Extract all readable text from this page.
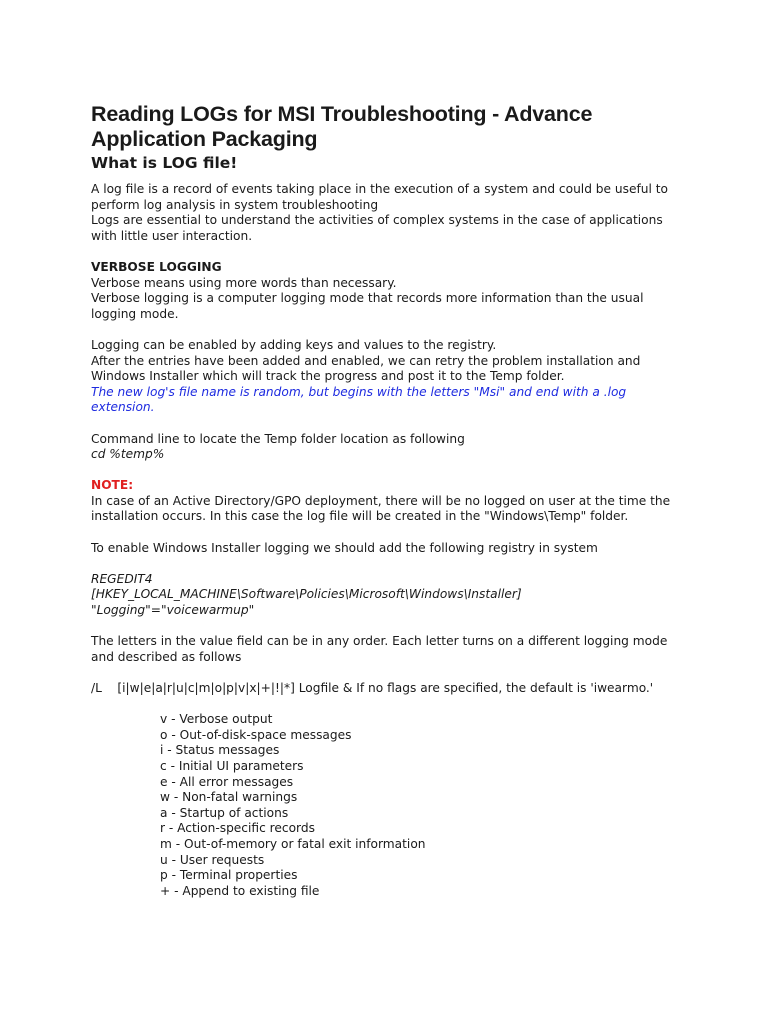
Reading LOGs for MSI Troubleshooting - Advance Application Packaging
What is LOG file!

A log file is a record of events taking place in the execution of a system and could be useful to perform log analysis in system troubleshooting

Logs are essential to understand the activities of complex systems in the case of applications with little user interaction.

VERBOSE LOGGING

Verbose means using more words than necessary.

Verbose logging is a computer logging mode that records more information than the usual logging mode.

Logging can be enabled by adding keys and values to the registry.

After the entries have been added and enabled, we can retry the problem installation and Windows Installer which will track the progress and post it to the Temp folder.

The new log's file name is random, but begins with the letters "Msi" and end with a .log extension.

Command line to locate the Temp folder location as following

cd %temp%

NOTE:

In case of an Active Directory/GPO deployment, there will be no logged on user at the time the installation occurs. In this case the log file will be created in the "Windows\Temp" folder.

To enable Windows Installer logging we should add the following registry in system

REGEDIT4

[HKEY_LOCAL_MACHINE\Software\Policies\Microsoft\Windows\Installer]

"Logging"="voicewarmup"

The letters in the value field can be in any order. Each letter turns on a different logging mode and described as follows

/L    [i|w|e|a|r|u|c|m|o|p|v|x|+|!|*] Logfile & If no flags are specified, the default is 'iwearmo.'

v - Verbose output
o - Out-of-disk-space messages
i - Status messages
c - Initial UI parameters
e - All error messages
w - Non-fatal warnings
a - Startup of actions
r - Action-specific records
m - Out-of-memory or fatal exit information
u - User requests
p - Terminal properties
+ - Append to existing file
